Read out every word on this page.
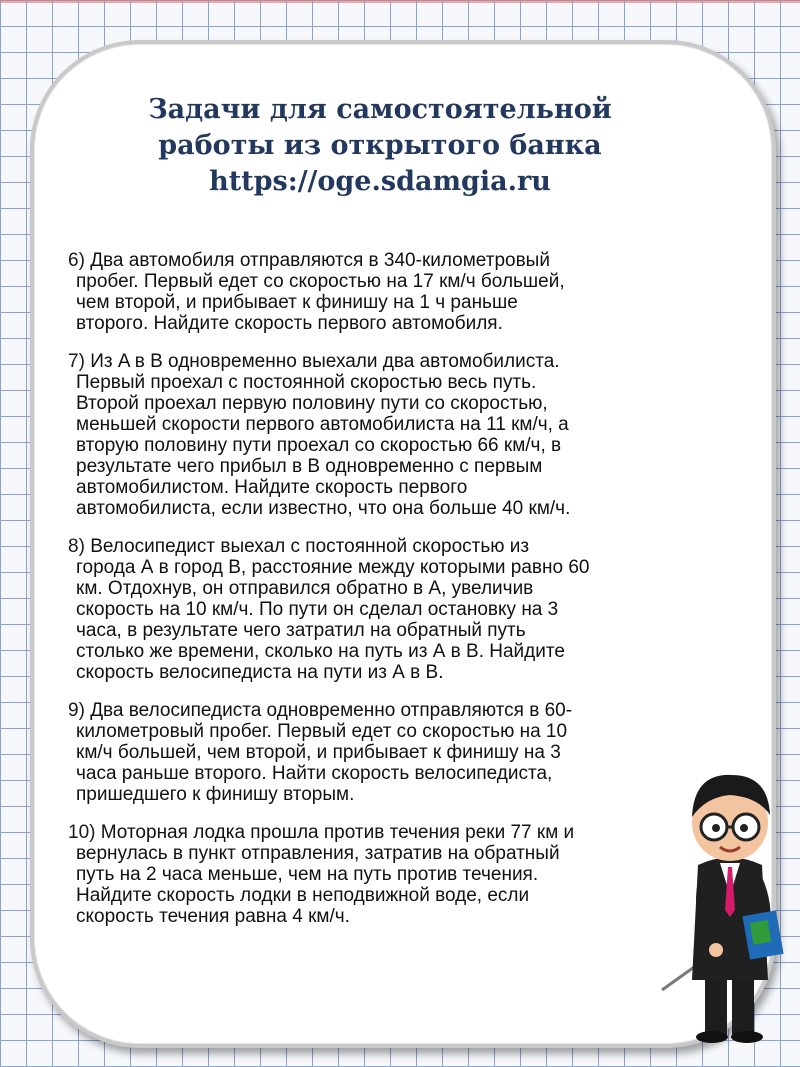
Задачи для самостоятельной
работы из открытого банка
https://oge.sdamgia.ru
6) Два автомобиля отправляются в 340-километровый
пробег. Первый едет со скоростью на 17 км/ч большей,
чем второй, и прибывает к финишу на 1 ч раньше
второго. Найдите скорость первого автомобиля.
7) Из A в B одновременно выехали два автомобилиста.
Первый проехал с постоянной скоростью весь путь.
Второй проехал первую половину пути со скоростью,
меньшей скорости первого автомобилиста на 11 км/ч, а
вторую половину пути проехал со скоростью 66 км/ч, в
результате чего прибыл в B одновременно с первым
автомобилистом. Найдите скорость первого
автомобилиста, если известно, что она больше 40 км/ч.
8) Велосипедист выехал с постоянной скоростью из
города А в город B, расстояние между которыми равно 60
км. Отдохнув, он отправился обратно в А, увеличив
скорость на 10 км/ч. По пути он сделал остановку на 3
часа, в результате чего затратил на обратный путь
столько же времени, сколько на путь из А в B. Найдите
скорость велосипедиста на пути из А в B.
9) Два велосипедиста одновременно отправляются в 60-
километровый пробег. Первый едет со скоростью на 10
км/ч большей, чем второй, и прибывает к финишу на 3
часа раньше второго. Найти скорость велосипедиста,
пришедшего к финишу вторым.
10) Моторная лодка прошла против течения реки 77 км и
вернулась в пункт отправления, затратив на обратный
путь на 2 часа меньше, чем на путь против течения.
Найдите скорость лодки в неподвижной воде, если
скорость течения равна 4 км/ч.
